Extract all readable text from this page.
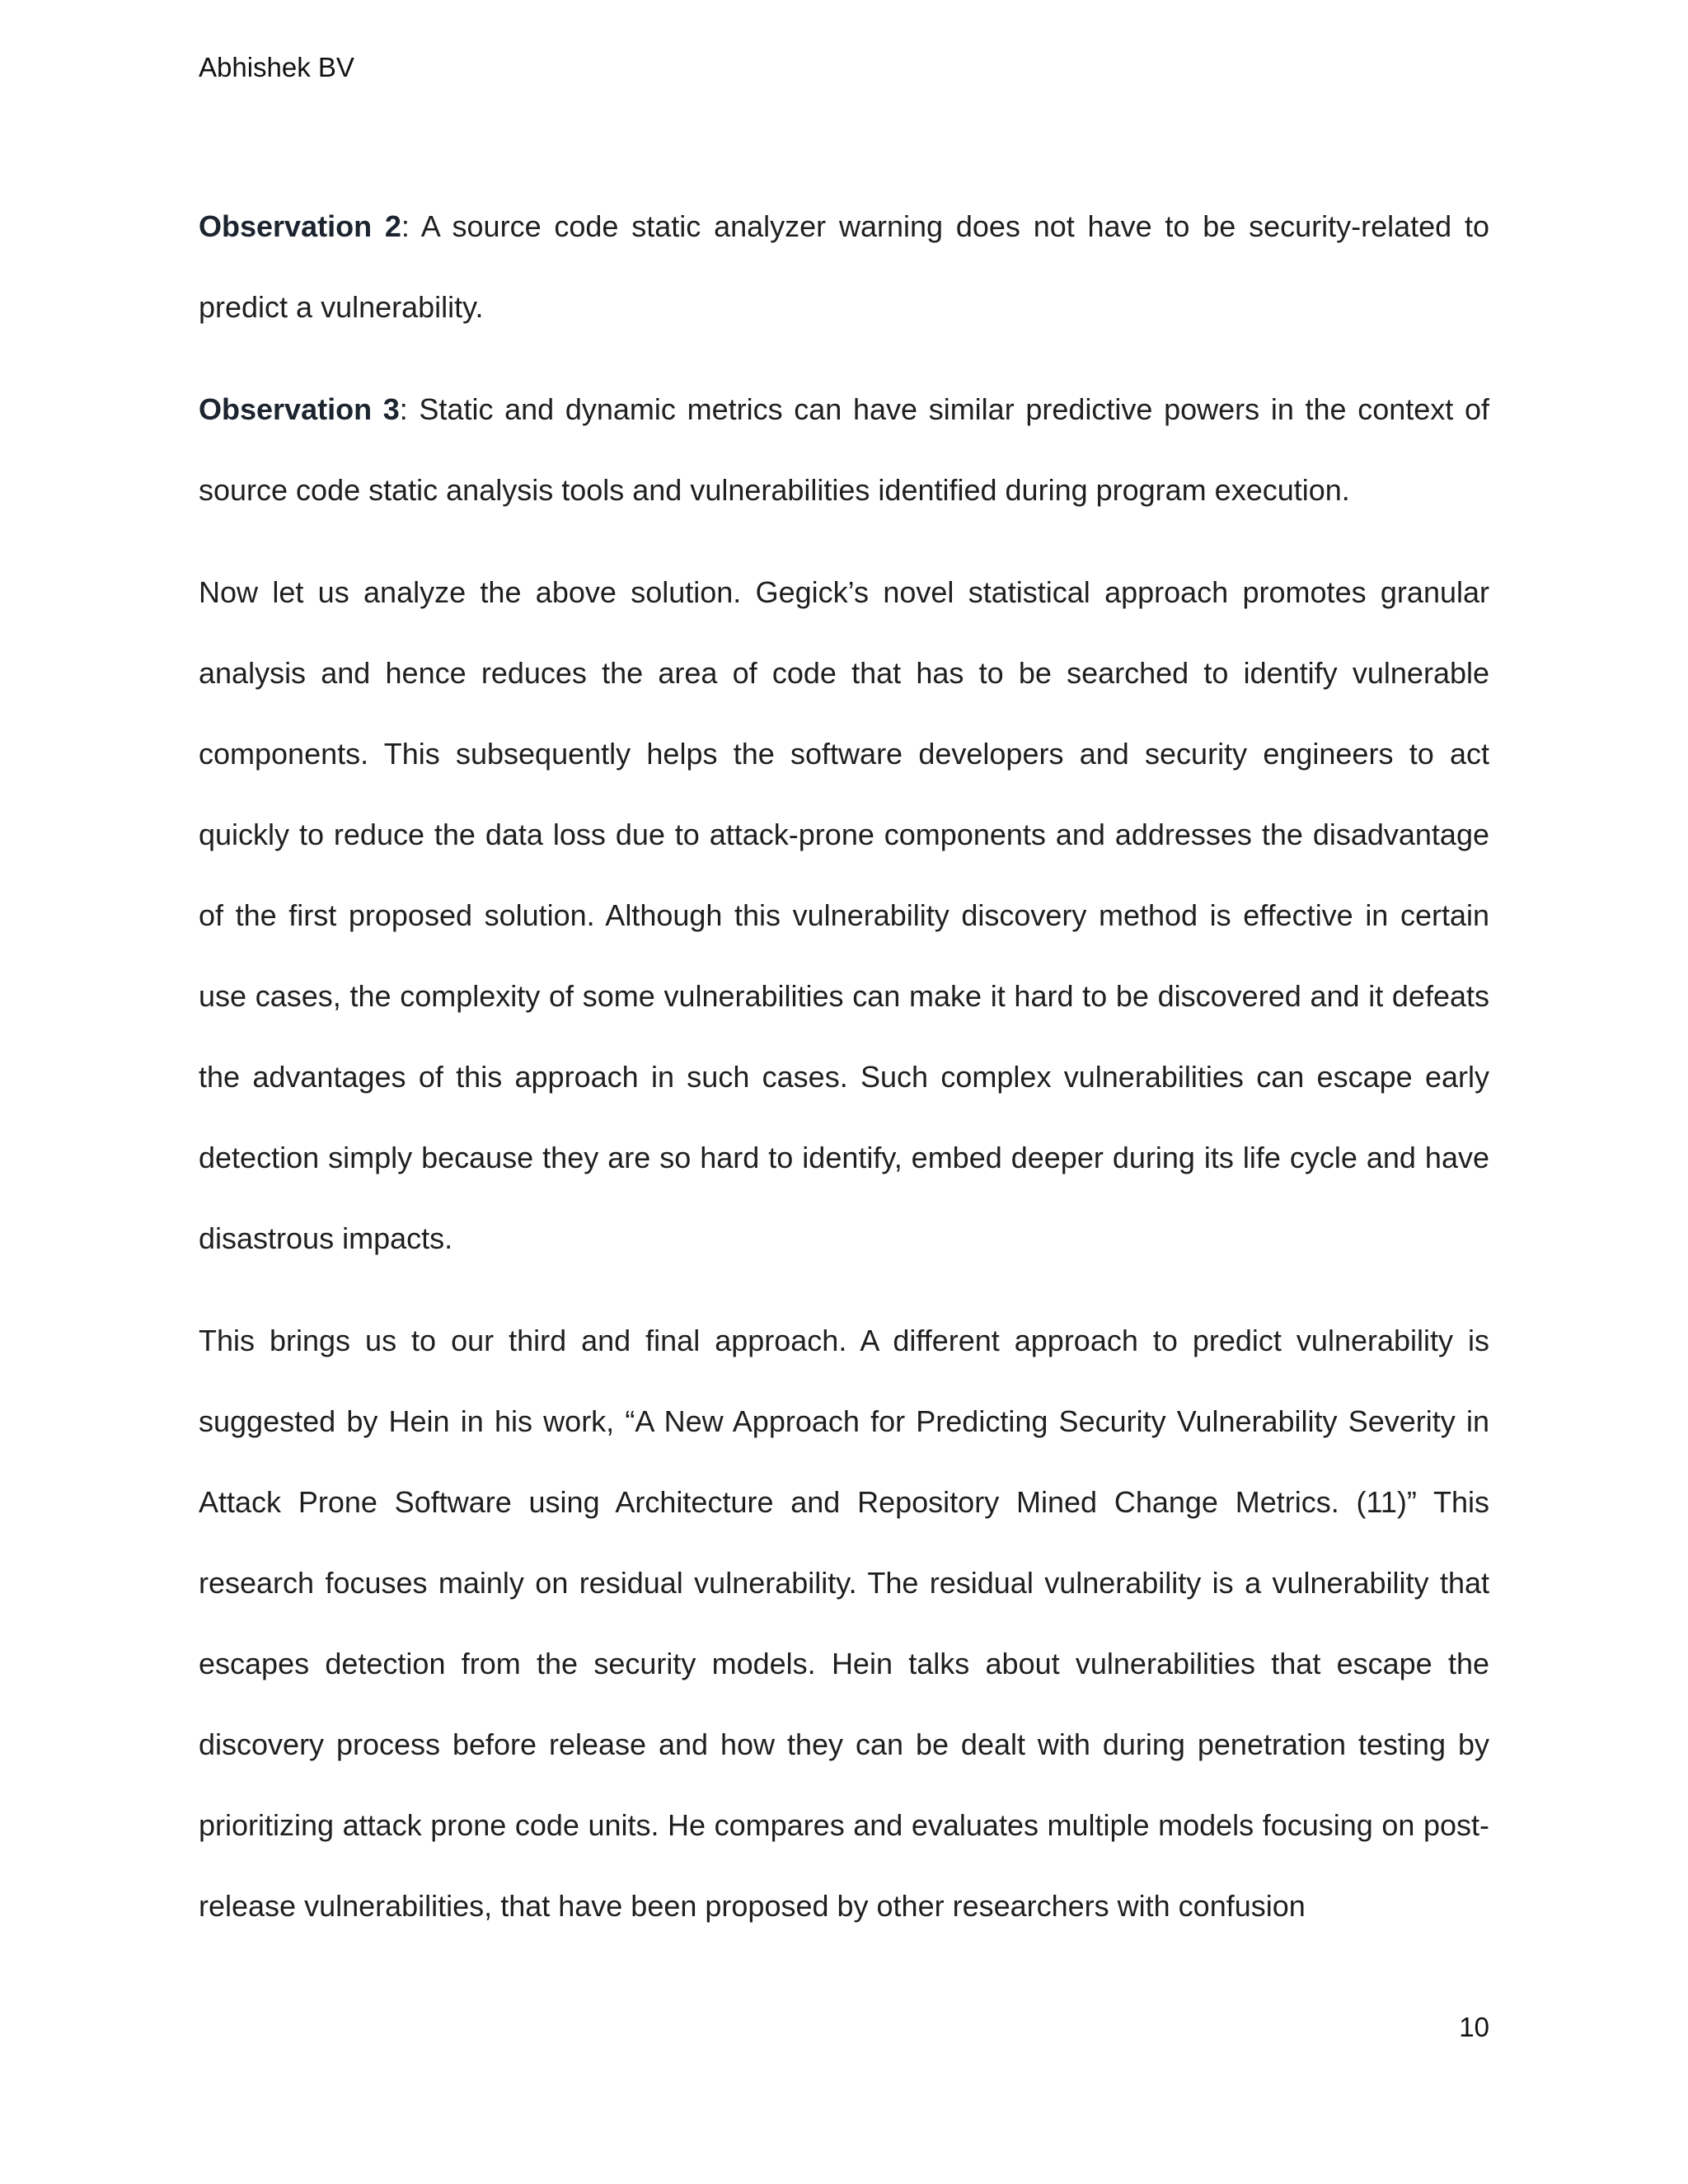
Abhishek BV

Observation 2: A source code static analyzer warning does not have to be security-related to predict a vulnerability.

Observation 3: Static and dynamic metrics can have similar predictive powers in the context of source code static analysis tools and vulnerabilities identified during program execution.

Now let us analyze the above solution. Gegick’s novel statistical approach promotes granular analysis and hence reduces the area of code that has to be searched to identify vulnerable components. This subsequently helps the software developers and security engineers to act quickly to reduce the data loss due to attack-prone components and addresses the disadvantage of the first proposed solution. Although this vulnerability discovery method is effective in certain use cases, the complexity of some vulnerabilities can make it hard to be discovered and it defeats the advantages of this approach in such cases. Such complex vulnerabilities can escape early detection simply because they are so hard to identify, embed deeper during its life cycle and have disastrous impacts.

This brings us to our third and final approach. A different approach to predict vulnerability is suggested by Hein in his work, “A New Approach for Predicting Security Vulnerability Severity in Attack Prone Software using Architecture and Repository Mined Change Metrics. (11)” This research focuses mainly on residual vulnerability. The residual vulnerability is a vulnerability that escapes detection from the security models. Hein talks about vulnerabilities that escape the discovery process before release and how they can be dealt with during penetration testing by prioritizing attack prone code units. He compares and evaluates multiple models focusing on post-release vulnerabilities, that have been proposed by other researchers with confusion

10
